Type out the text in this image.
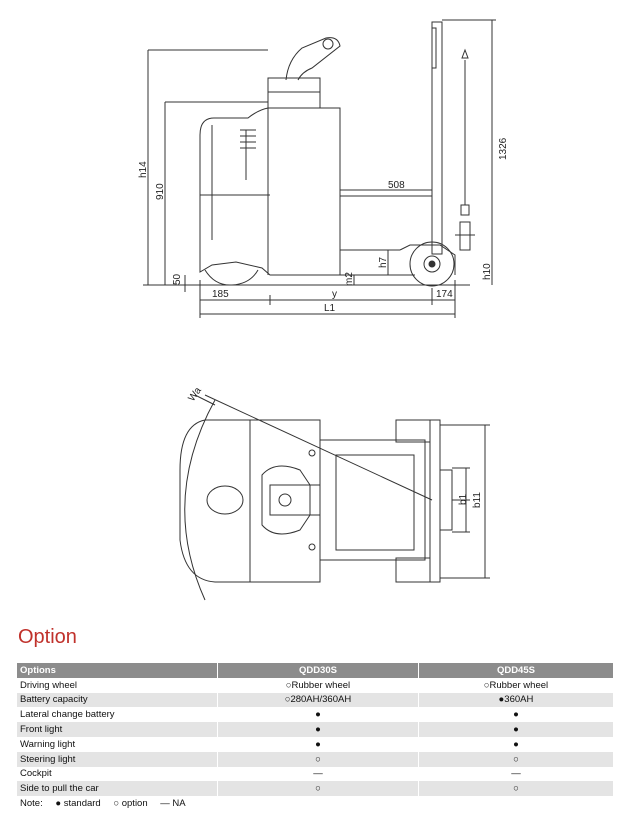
h14
910
1326
508
50	m2
h7
h10
185	y	174
L1
Wa
b1 b11
Option
Options	QDD30S	QDD45S
Driving wheel	○Rubber wheel	○Rubber wheel
Battery capacity	○280AH/360AH	●360AH
Lateral change battery	●	●
Front light	●	●
Warning light	●	●
Steering light	○	○
Cockpit	—	—
Side to pull the car	○	○
Note: ● standard ○ option — NA		
